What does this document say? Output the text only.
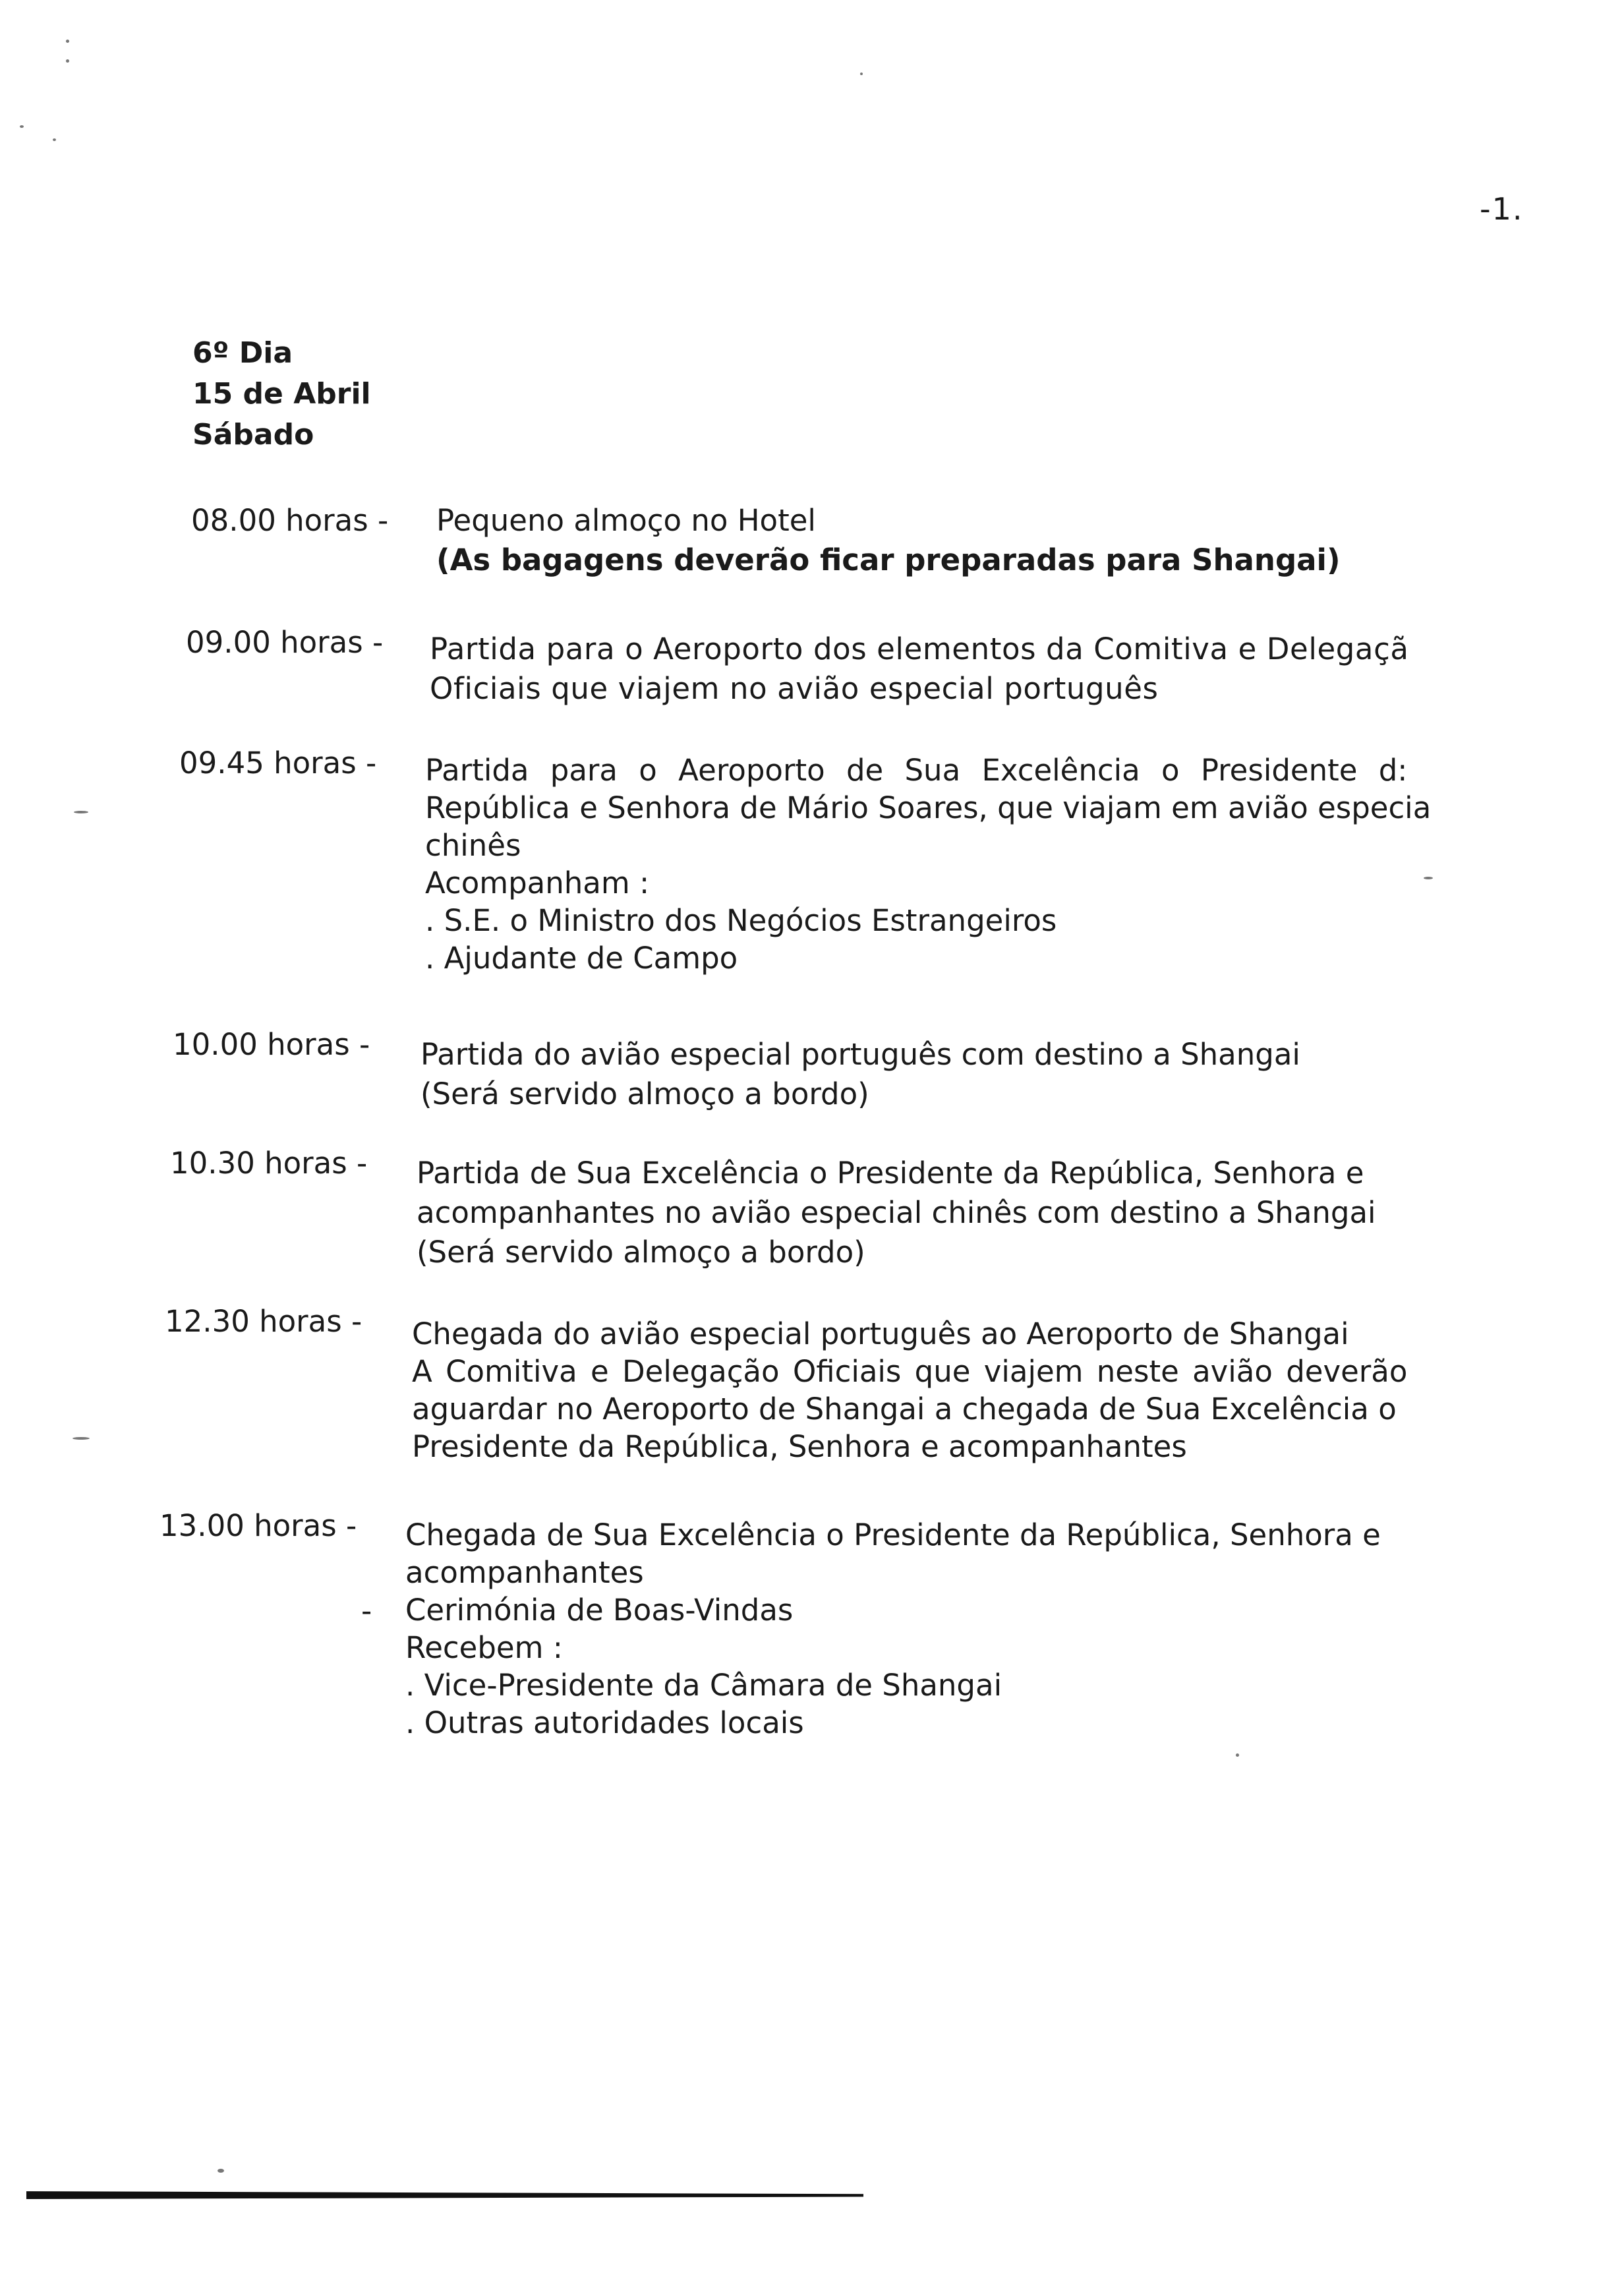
-1.
6º Dia
15 de Abril
Sábado
08.00 horas - Pequeno almoço no Hotel
(As bagagens deverão ficar preparadas para Shangai)
09.00 horas - Partida para o Aeroporto dos elementos da Comitiva e Delegaçã
Oficiais que viajem no avião especial português
09.45 horas - Partida para o Aeroporto de Sua Excelência o Presidente d:
República e Senhora de Mário Soares, que viajam em avião especia
chinês
Acompanham :
. S.E. o Ministro dos Negócios Estrangeiros
. Ajudante de Campo
10.00 horas - Partida do avião especial português com destino a Shangai
(Será servido almoço a bordo)
10.30 horas - Partida de Sua Excelência o Presidente da República, Senhora e
acompanhantes no avião especial chinês com destino a Shangai
(Será servido almoço a bordo)
12.30 horas - Chegada do avião especial português ao Aeroporto de Shangai
A Comitiva e Delegação Oficiais que viajem neste avião deverão
aguardar no Aeroporto de Shangai a chegada de Sua Excelência o
Presidente da República, Senhora e acompanhantes
13.00 horas - Chegada de Sua Excelência o Presidente da República, Senhora e
acompanhantes
Cerimónia de Boas-Vindas
Recebem :
. Vice-Presidente da Câmara de Shangai
. Outras autoridades locais
-
